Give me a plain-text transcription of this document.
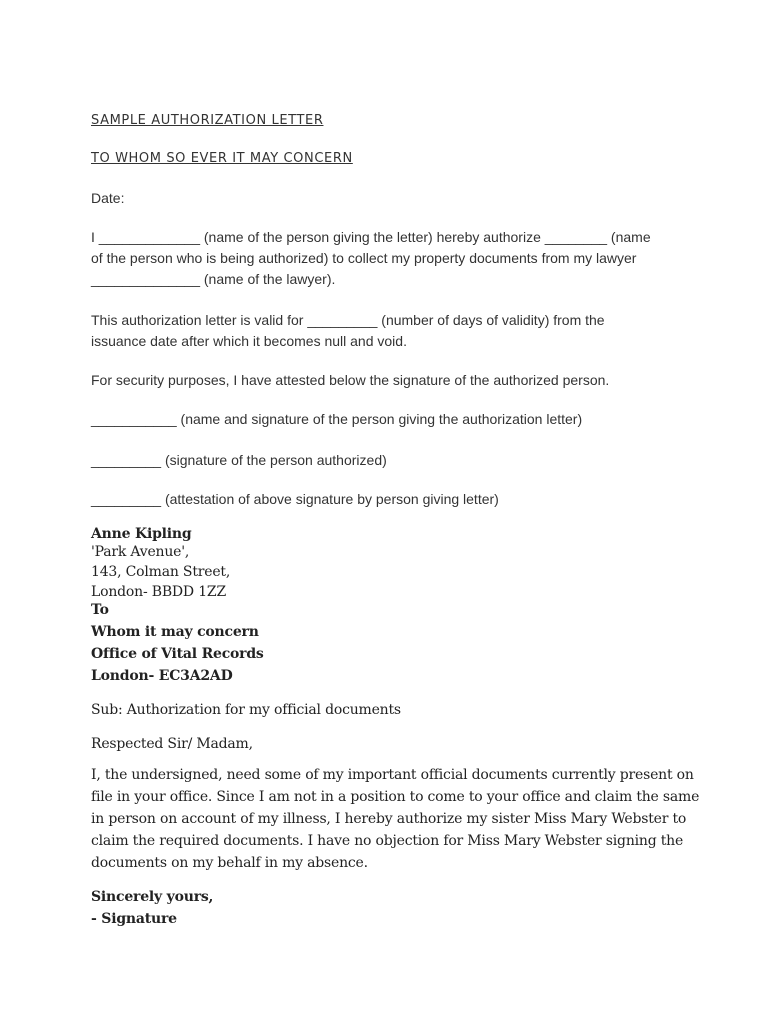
SAMPLE AUTHORIZATION LETTER

TO WHOM SO EVER IT MAY CONCERN

Date:

I _____________ (name of the person giving the letter) hereby authorize ________ (name
of the person who is being authorized) to collect my property documents from my lawyer
______________ (name of the lawyer).

This authorization letter is valid for _________ (number of days of validity) from the
issuance date after which it becomes null and void.

For security purposes, I have attested below the signature of the authorized person.

___________ (name and signature of the person giving the authorization letter)

_________ (signature of the person authorized)

_________ (attestation of above signature by person giving letter)

Anne Kipling
'Park Avenue',
143, Colman Street,
London- BBDD 1ZZ

To
Whom it may concern
Office of Vital Records
London- EC3A2AD

Sub: Authorization for my official documents

Respected Sir/ Madam,

I, the undersigned, need some of my important official documents currently present on
file in your office. Since I am not in a position to come to your office and claim the same
in person on account of my illness, I hereby authorize my sister Miss Mary Webster to
claim the required documents. I have no objection for Miss Mary Webster signing the
documents on my behalf in my absence.

Sincerely yours,
- Signature
